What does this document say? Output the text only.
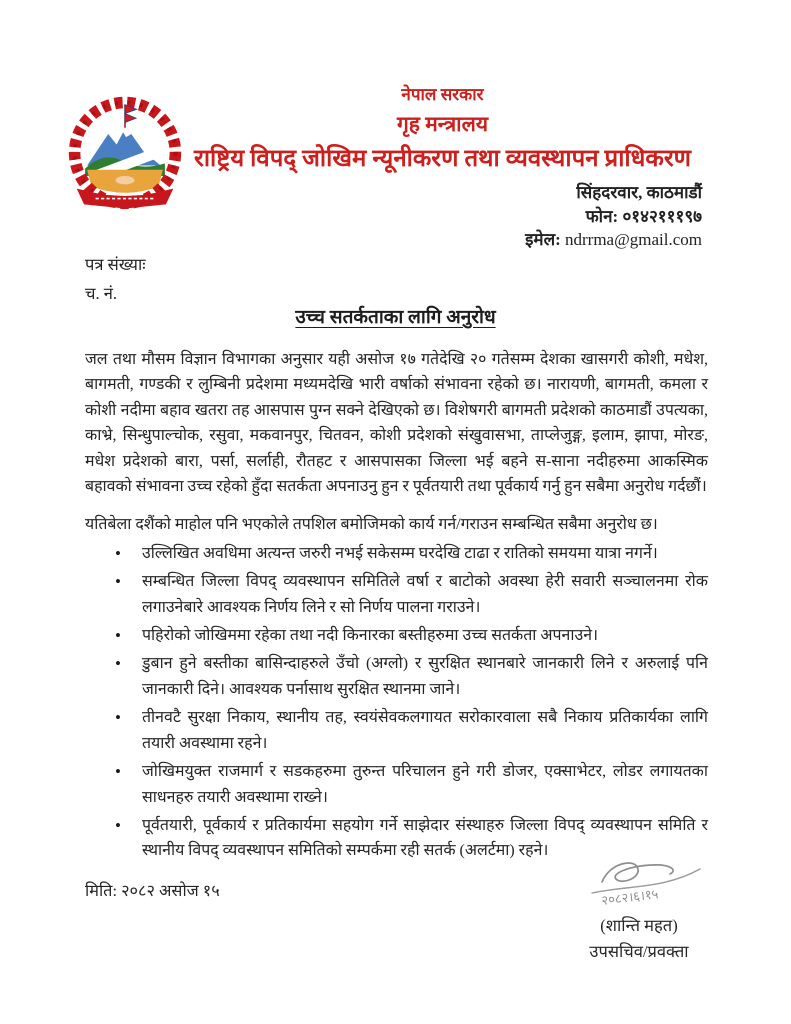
नेपाल सरकार
गृह मन्त्रालय
राष्ट्रिय विपद् जोखिम न्यूनीकरण तथा व्यवस्थापन प्राधिकरण
सिंहदरवार, काठमाडौं
फोन: ०१४२१११९७
इमेल: ndrrma@gmail.com
पत्र संख्याः
च. नं.
उच्च सतर्कताका लागि अनुरोध

जल तथा मौसम विज्ञान विभागका अनुसार यही असोज १७ गतेदेखि २० गतेसम्म देशका खासगरी कोशी, मधेश, बागमती, गण्डकी र लुम्बिनी प्रदेशमा मध्यमदेखि भारी वर्षाको संभावना रहेको छ। नारायणी, बागमती, कमला र कोशी नदीमा बहाव खतरा तह आसपास पुग्न सक्ने देखिएको छ। विशेषगरी बागमती प्रदेशको काठमाडौं उपत्यका, काभ्रे, सिन्धुपाल्चोक, रसुवा, मकवानपुर, चितवन, कोशी प्रदेशको संखुवासभा, ताप्लेजुङ्ग, इलाम, झापा, मोरङ, मधेश प्रदेशको बारा, पर्सा, सर्लाही, रौतहट र आसपासका जिल्ला भई बहने स-साना नदीहरुमा आकस्मिक बहावको संभावना उच्च रहेको हुँदा सतर्कता अपनाउनु हुन र पूर्वतयारी तथा पूर्वकार्य गर्नु हुन सबैमा अनुरोध गर्दछौं।

यतिबेला दशैंको माहोल पनि भएकोले तपशिल बमोजिमको कार्य गर्न/गराउन सम्बन्धित सबैमा अनुरोध छ।

• उल्लिखित अवधिमा अत्यन्त जरुरी नभई सकेसम्म घरदेखि टाढा र रातिको समयमा यात्रा नगर्ने।
• सम्बन्धित जिल्ला विपद् व्यवस्थापन समितिले वर्षा र बाटोको अवस्था हेरी सवारी सञ्चालनमा रोक लगाउनेबारे आवश्यक निर्णय लिने र सो निर्णय पालना गराउने।
• पहिरोको जोखिममा रहेका तथा नदी किनारका बस्तीहरुमा उच्च सतर्कता अपनाउने।
• डुबान हुने बस्तीका बासिन्दाहरुले उँचो (अग्लो) र सुरक्षित स्थानबारे जानकारी लिने र अरुलाई पनि जानकारी दिने। आवश्यक पर्नासाथ सुरक्षित स्थानमा जाने।
• तीनवटै सुरक्षा निकाय, स्थानीय तह, स्वयंसेवकलगायत सरोकारवाला सबै निकाय प्रतिकार्यका लागि तयारी अवस्थामा रहने।
• जोखिमयुक्त राजमार्ग र सडकहरुमा तुरुन्त परिचालन हुने गरी डोजर, एक्साभेटर, लोडर लगायतका साधनहरु तयारी अवस्थामा राख्ने।
• पूर्वतयारी, पूर्वकार्य र प्रतिकार्यमा सहयोग गर्ने साझेदार संस्थाहरु जिल्ला विपद् व्यवस्थापन समिति र स्थानीय विपद् व्यवस्थापन समितिको सम्पर्कमा रही सतर्क (अलर्टमा) रहने।
मिति: २०८२ असोज १५	२०८२।६।१५
(शान्ति महत)
उपसचिव/प्रवक्ता
